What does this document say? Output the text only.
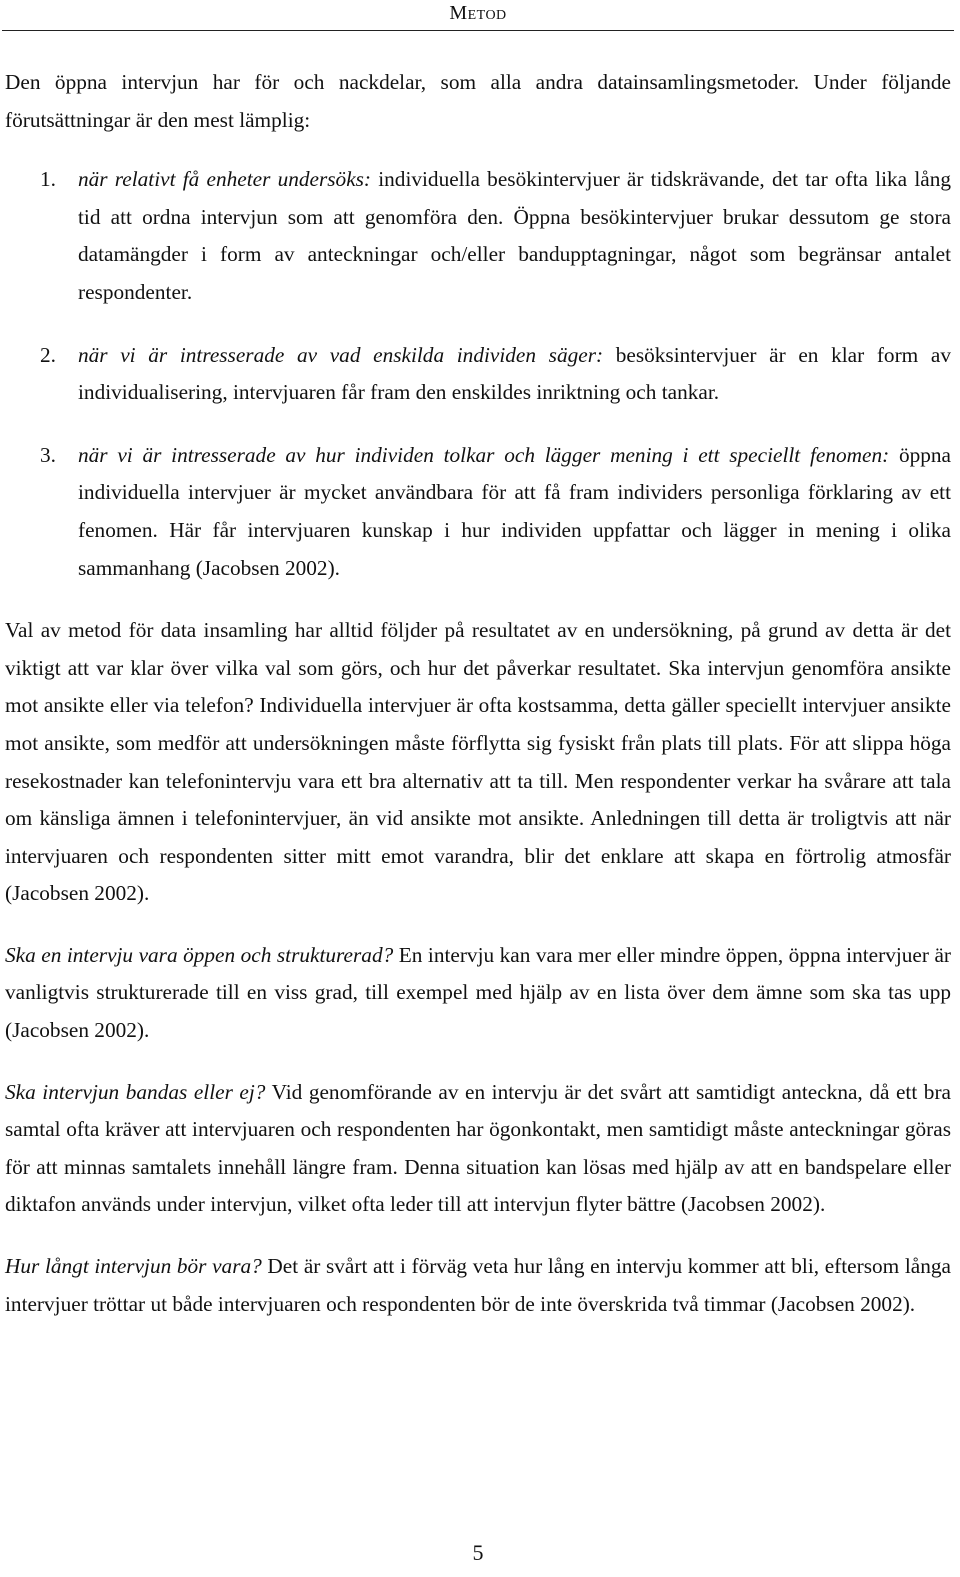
Metod

Den öppna intervjun har för och nackdelar, som alla andra datainsamlingsmetoder. Under följande förutsättningar är den mest lämplig:

1. när relativt få enheter undersöks: individuella besökintervjuer är tidskrävande, det tar ofta lika lång tid att ordna intervjun som att genomföra den. Öppna besökintervjuer brukar dessutom ge stora datamängder i form av anteckningar och/eller bandupptagningar, något som begränsar antalet respondenter.
2. när vi är intresserade av vad enskilda individen säger: besöksintervjuer är en klar form av individualisering, intervjuaren får fram den enskildes inriktning och tankar.
3. när vi är intresserade av hur individen tolkar och lägger mening i ett speciellt fenomen: öppna individuella intervjuer är mycket användbara för att få fram individers personliga förklaring av ett fenomen. Här får intervjuaren kunskap i hur individen uppfattar och lägger in mening i olika sammanhang (Jacobsen 2002).

Val av metod för data insamling har alltid följder på resultatet av en undersökning, på grund av detta är det viktigt att var klar över vilka val som görs, och hur det påverkar resultatet. Ska intervjun genomföra ansikte mot ansikte eller via telefon? Individuella intervjuer är ofta kostsamma, detta gäller speciellt intervjuer ansikte mot ansikte, som medför att undersökningen måste förflytta sig fysiskt från plats till plats. För att slippa höga resekostnader kan telefonintervju vara ett bra alternativ att ta till. Men respondenter verkar ha svårare att tala om känsliga ämnen i telefonintervjuer, än vid ansikte mot ansikte. Anledningen till detta är troligtvis att när intervjuaren och respondenten sitter mitt emot varandra, blir det enklare att skapa en förtrolig atmosfär (Jacobsen 2002).

Ska en intervju vara öppen och strukturerad? En intervju kan vara mer eller mindre öppen, öppna intervjuer är vanligtvis strukturerade till en viss grad, till exempel med hjälp av en lista över dem ämne som ska tas upp (Jacobsen 2002).

Ska intervjun bandas eller ej? Vid genomförande av en intervju är det svårt att samtidigt anteckna, då ett bra samtal ofta kräver att intervjuaren och respondenten har ögonkontakt, men samtidigt måste anteckningar göras för att minnas samtalets innehåll längre fram. Denna situation kan lösas med hjälp av att en bandspelare eller diktafon används under intervjun, vilket ofta leder till att intervjun flyter bättre (Jacobsen 2002).

Hur långt intervjun bör vara? Det är svårt att i förväg veta hur lång en intervju kommer att bli, eftersom långa intervjuer tröttar ut både intervjuaren och respondenten bör de inte överskrida två timmar (Jacobsen 2002).

5
